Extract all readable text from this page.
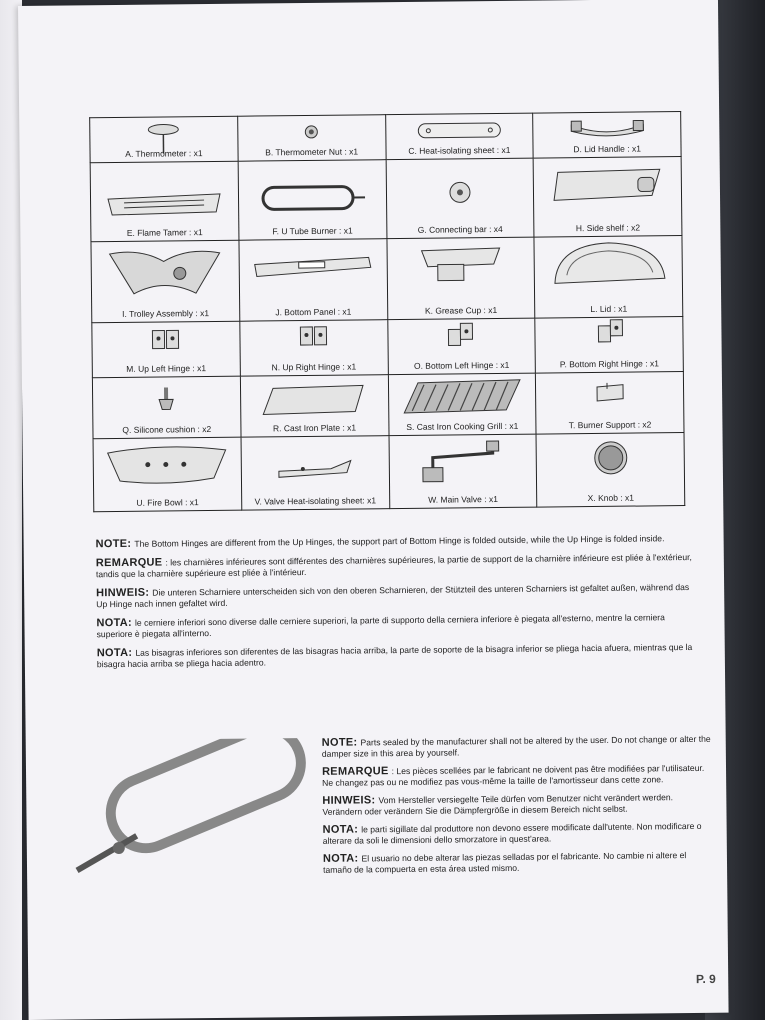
A. Thermometer : x1	B. Thermometer Nut : x1	C. Heat-isolating sheet : x1	D. Lid Handle : x1

E. Flame Tamer : x1	F. U Tube Burner : x1	G. Connecting bar : x4	H. Side shelf : x2

I. Trolley Assembly : x1	J. Bottom Panel : x1	K. Grease Cup : x1	L. Lid : x1

M. Up Left Hinge : x1	N. Up Right Hinge : x1	O. Bottom Left Hinge : x1	P. Bottom Right Hinge : x1

Q. Silicone cushion : x2	R. Cast Iron Plate : x1	S. Cast Iron Cooking Grill : x1	T. Burner Support : x2

U. Fire Bowl : x1	V. Valve Heat-isolating sheet: x1	W. Main Valve : x1	X. Knob : x1
NOTE: The Bottom Hinges are different from the Up Hinges, the support part of Bottom Hinge is folded outside, while the Up Hinge is folded inside.
REMARQUE : les charnières inférieures sont différentes des charnières supérieures, la partie de support de la charnière inférieure est pliée à l'extérieur, tandis que la charnière supérieure est pliée à l'intérieur.
HINWEIS: Die unteren Scharniere unterscheiden sich von den oberen Scharnieren, der Stützteil des unteren Scharniers ist gefaltet außen, während das Up Hinge nach innen gefaltet wird.
NOTA: le cerniere inferiori sono diverse dalle cerniere superiori, la parte di supporto della cerniera inferiore è piegata all'esterno, mentre la cerniera superiore è piegata all'interno.
NOTA: Las bisagras inferiores son diferentes de las bisagras hacia arriba, la parte de soporte de la bisagra inferior se pliega hacia afuera, mientras que la bisagra hacia arriba se pliega hacia adentro.
NOTE: Parts sealed by the manufacturer shall not be altered by the user. Do not change or alter the damper size in this area by yourself.
REMARQUE : Les pièces scellées par le fabricant ne doivent pas être modifiées par l'utilisateur. Ne changez pas ou ne modifiez pas vous-même la taille de l'amortisseur dans cette zone.
HINWEIS: Vom Hersteller versiegelte Teile dürfen vom Benutzer nicht verändert werden. Verändern oder verändern Sie die Dämpfergröße in diesem Bereich nicht selbst.
NOTA: le parti sigillate dal produttore non devono essere modificate dall'utente. Non modificare o alterare da soli le dimensioni dello smorzatore in quest'area.
NOTA: El usuario no debe alterar las piezas selladas por el fabricante. No cambie ni altere el tamaño de la compuerta en esta área usted mismo.
P. 9
